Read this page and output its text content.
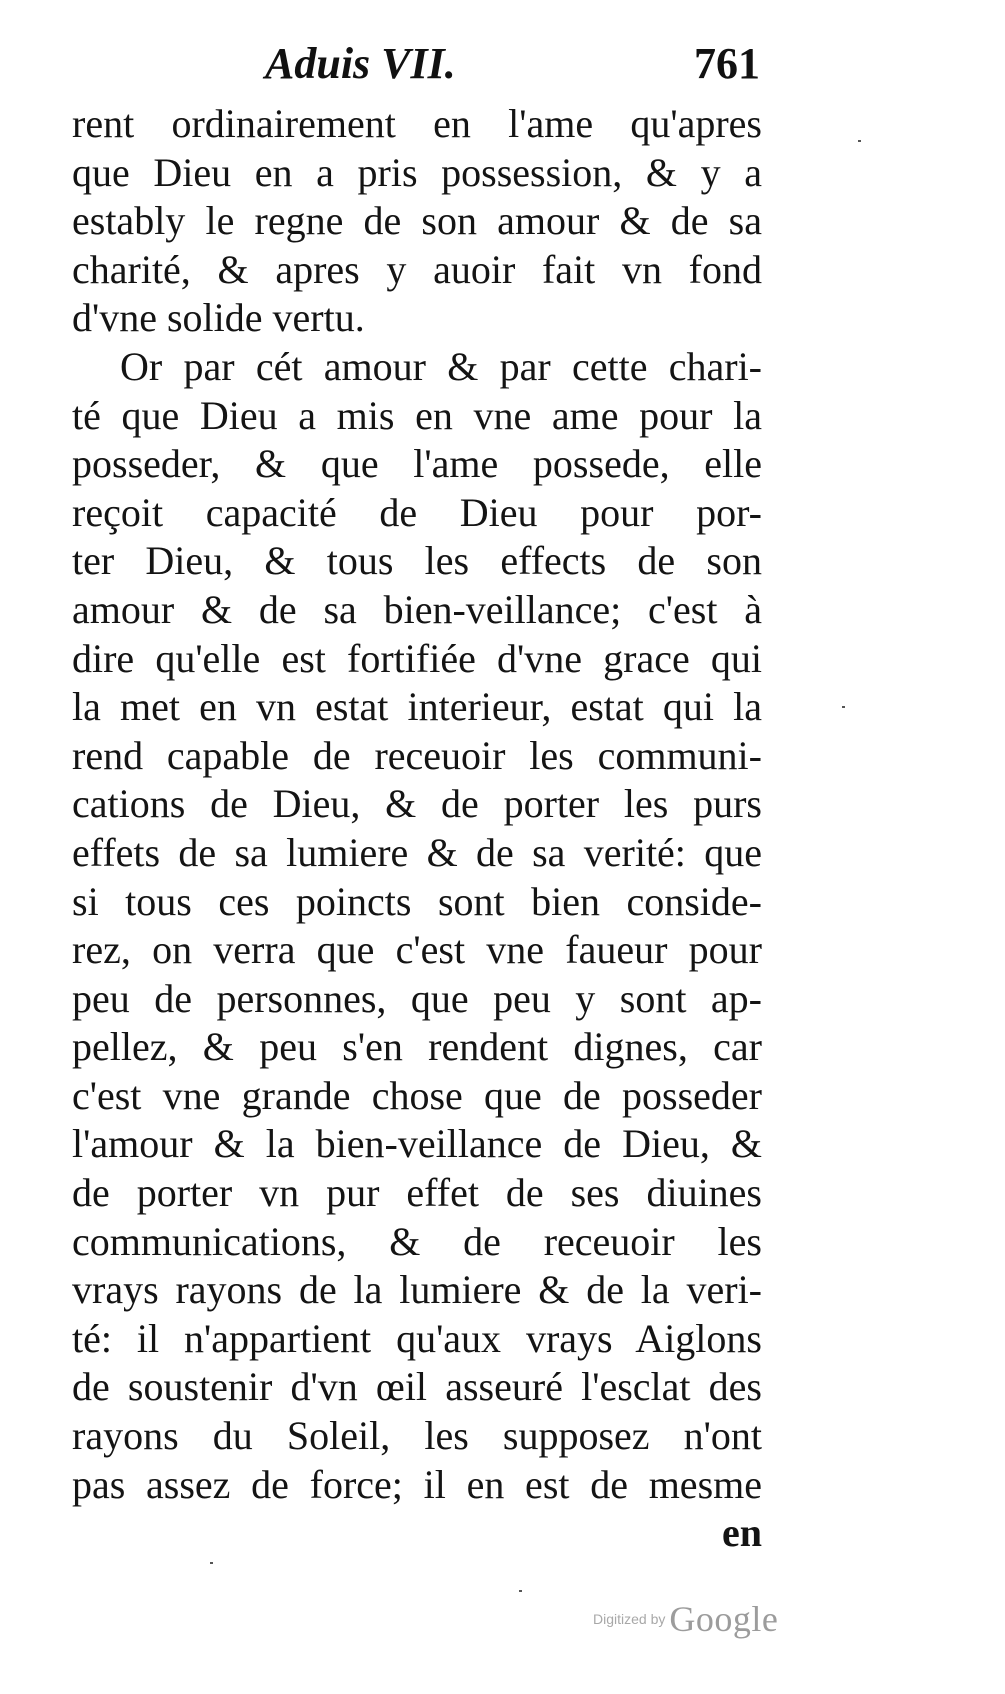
Aduis VII.	761
rent ordinairement en l'ame qu'apres
que Dieu en a pris possession, & y a
estably le regne de son amour & de sa
charité, & apres y auoir fait vn fond
d'vne solide vertu.
Or par cét amour & par cette chari-
té que Dieu a mis en vne ame pour la
posseder, & que l'ame possede, elle
reçoit capacité de Dieu pour por-
ter Dieu, & tous les effects de son
amour & de sa bien-veillance; c'est à
dire qu'elle est fortifiée d'vne grace qui
la met en vn estat interieur, estat qui la
rend capable de receuoir les communi-
cations de Dieu, & de porter les purs
effets de sa lumiere & de sa verité: que
si tous ces poincts sont bien conside-
rez, on verra que c'est vne faueur pour
peu de personnes, que peu y sont ap-
pellez, & peu s'en rendent dignes, car
c'est vne grande chose que de posseder
l'amour & la bien-veillance de Dieu, &
de porter vn pur effet de ses diuines
communications, & de receuoir les
vrays rayons de la lumiere & de la veri-
té: il n'appartient qu'aux vrays Aiglons
de soustenir d'vn œil asseuré l'esclat des
rayons du Soleil, les supposez n'ont
pas assez de force; il en est de mesme
en
Digitized by Google
